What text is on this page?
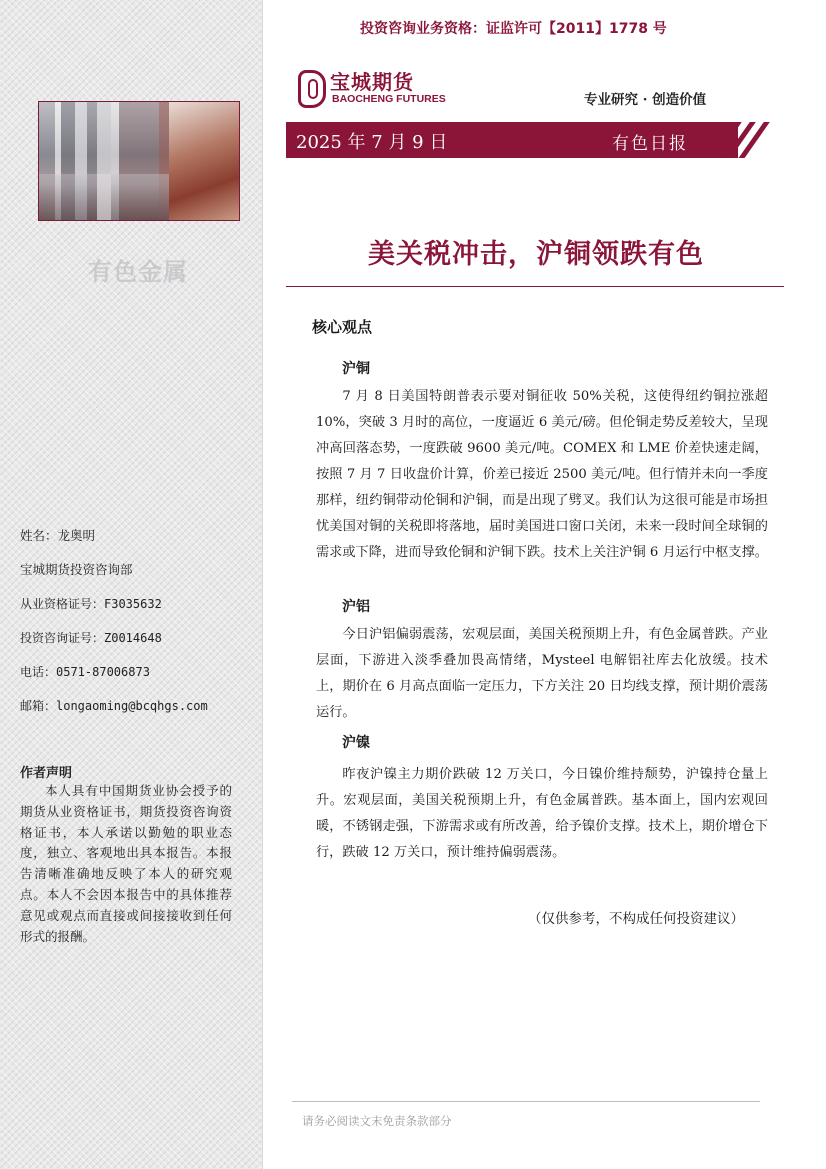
有色金属
姓名：龙奥明
宝城期货投资咨询部
从业资格证号：F3035632
投资咨询证号：Z0014648
电话：0571-87006873
邮箱：longaoming@bcqhgs.com
作者声明
本人具有中国期货业协会授予的期货从业资格证书，期货投资咨询资格证书，本人承诺以勤勉的职业态度，独立、客观地出具本报告。本报告清晰准确地反映了本人的研究观点。本人不会因本报告中的具体推荐意见或观点而直接或间接接收到任何形式的报酬。
投资咨询业务资格：证监许可【2011】1778 号
宝城期货
BAOCHENG FUTURES	专业研究 · 创造价值
2025 年 7 月 9 日	有色日报
美关税冲击，沪铜领跌有色
核心观点
沪铜
7 月 8 日美国特朗普表示要对铜征收 50%关税，这使得纽约铜拉涨超 10%，突破 3 月时的高位，一度逼近 6 美元/磅。但伦铜走势反差较大，呈现冲高回落态势，一度跌破 9600 美元/吨。COMEX 和 LME 价差快速走阔，按照 7 月 7 日收盘价计算，价差已接近 2500 美元/吨。但行情并未向一季度那样，纽约铜带动伦铜和沪铜，而是出现了劈叉。我们认为这很可能是市场担忧美国对铜的关税即将落地，届时美国进口窗口关闭，未来一段时间全球铜的需求或下降，进而导致伦铜和沪铜下跌。技术上关注沪铜 6 月运行中枢支撑。
沪铝
今日沪铝偏弱震荡，宏观层面，美国关税预期上升，有色金属普跌。产业层面，下游进入淡季叠加畏高情绪，Mysteel 电解铝社库去化放缓。技术上，期价在 6 月高点面临一定压力，下方关注 20 日均线支撑，预计期价震荡运行。
沪镍
昨夜沪镍主力期价跌破 12 万关口，今日镍价维持颓势，沪镍持仓量上升。宏观层面，美国关税预期上升，有色金属普跌。基本面上，国内宏观回暖，不锈钢走强，下游需求或有所改善，给予镍价支撑。技术上，期价增仓下行，跌破 12 万关口，预计维持偏弱震荡。
（仅供参考，不构成任何投资建议）
请务必阅读文末免责条款部分
